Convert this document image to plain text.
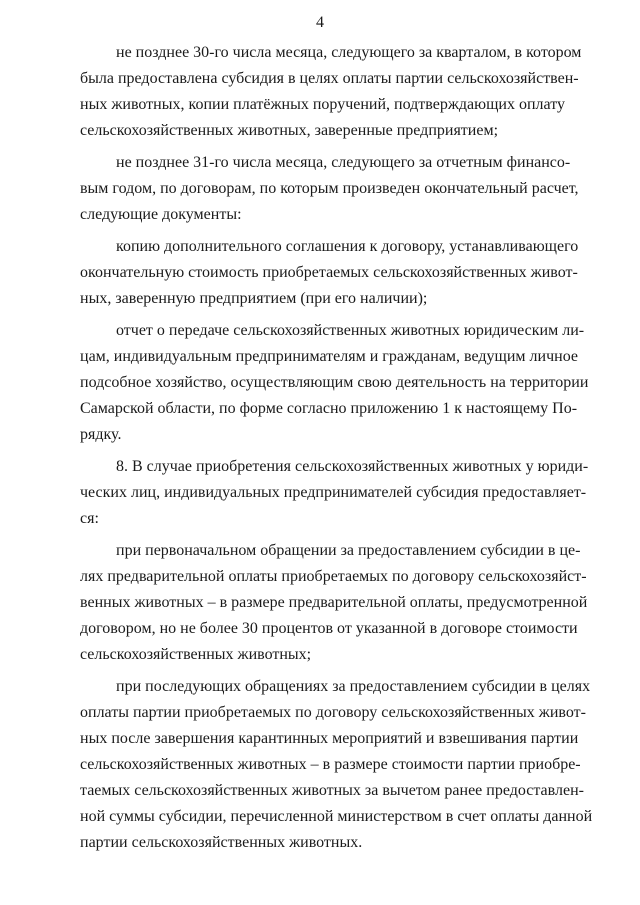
4
не позднее 30-го числа месяца, следующего за кварталом, в котором
была предоставлена субсидия в целях оплаты партии сельскохозяйствен-
ных животных, копии платёжных поручений, подтверждающих оплату
сельскохозяйственных животных, заверенные предприятием;
не позднее 31-го числа месяца, следующего за отчетным финансо-
вым годом, по договорам, по которым произведен окончательный расчет,
следующие документы:
копию дополнительного соглашения к договору, устанавливающего
окончательную стоимость приобретаемых сельскохозяйственных живот-
ных, заверенную предприятием (при его наличии);
отчет о передаче сельскохозяйственных животных юридическим ли-
цам, индивидуальным предпринимателям и гражданам, ведущим личное
подсобное хозяйство, осуществляющим свою деятельность на территории
Самарской области, по форме согласно приложению 1 к настоящему По-
рядку.
8. В случае приобретения сельскохозяйственных животных у юриди-
ческих лиц, индивидуальных предпринимателей субсидия предоставляет-
ся:
при первоначальном обращении за предоставлением субсидии в це-
лях предварительной оплаты приобретаемых по договору сельскохозяйст-
венных животных – в размере предварительной оплаты, предусмотренной
договором, но не более 30 процентов от указанной в договоре стоимости
сельскохозяйственных животных;
при последующих обращениях за предоставлением субсидии в целях
оплаты партии приобретаемых по договору сельскохозяйственных живот-
ных после завершения карантинных мероприятий и взвешивания партии
сельскохозяйственных животных – в размере стоимости партии приобре-
таемых сельскохозяйственных животных за вычетом ранее предоставлен-
ной суммы субсидии, перечисленной министерством в счет оплаты данной
партии сельскохозяйственных животных.
